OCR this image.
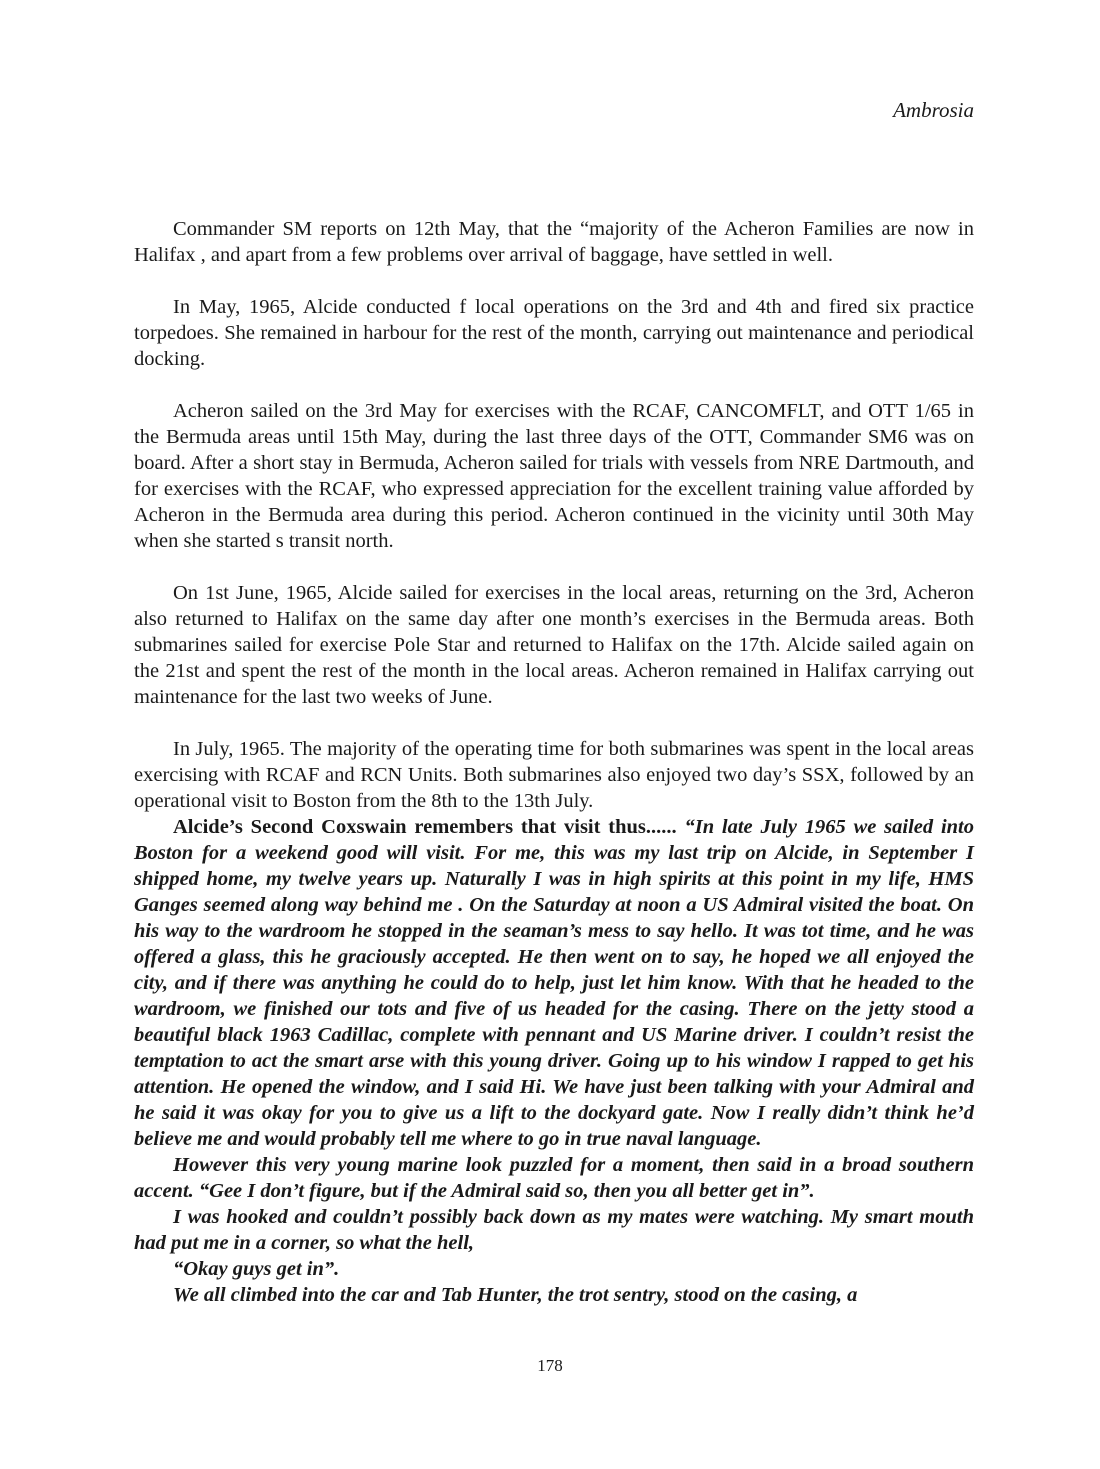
Ambrosia

Commander SM reports on 12th May, that the “majority of the Acheron Families are now in Halifax , and apart from a few problems over arrival of baggage, have settled in well.

In May, 1965, Alcide conducted f local operations on the 3rd and 4th and fired six practice torpedoes. She remained in harbour for the rest of the month, carrying out maintenance and periodical docking.

Acheron sailed on the 3rd May for exercises with the RCAF, CANCOMFLT, and OTT 1/65 in the Bermuda areas until 15th May, during the last three days of the OTT, Commander SM6 was on board. After a short stay in Bermuda, Acheron sailed for trials with vessels from NRE Dartmouth, and for exercises with the RCAF, who expressed appreciation for the excellent training value afforded by Acheron in the Bermuda area during this period. Acheron continued in the vicinity until 30th May when she started s transit north.

On 1st June, 1965, Alcide sailed for exercises in the local areas, returning on the 3rd, Acheron also returned to Halifax on the same day after one month’s exercises in the Bermuda areas. Both submarines sailed for exercise Pole Star and returned to Halifax on the 17th. Alcide sailed again on the 21st and spent the rest of the month in the local areas. Acheron remained in Halifax carrying out maintenance for the last two weeks of June.

In July, 1965. The majority of the operating time for both submarines was spent in the local areas exercising with RCAF and RCN Units. Both submarines also enjoyed two day’s SSX, followed by an operational visit to Boston from the 8th to the 13th July.

Alcide’s Second Coxswain remembers that visit thus...... “In late July 1965 we sailed into Boston for a weekend good will visit. For me, this was my last trip on Alcide, in September I shipped home, my twelve years up. Naturally I was in high spirits at this point in my life, HMS Ganges seemed along way behind me . On the Saturday at noon a US Admiral visited the boat. On his way to the wardroom he stopped in the seaman’s mess to say hello. It was tot time, and he was offered a glass, this he graciously accepted. He then went on to say, he hoped we all enjoyed the city, and if there was anything he could do to help, just let him know. With that he headed to the wardroom, we finished our tots and five of us headed for the casing. There on the jetty stood a beautiful black 1963 Cadillac, complete with pennant and US Marine driver. I couldn’t resist the temptation to act the smart arse with this young driver. Going up to his window I rapped to get his attention. He opened the window, and I said Hi. We have just been talking with your Admiral and he said it was okay for you to give us a lift to the dockyard gate. Now I really didn’t think he’d believe me and would probably tell me where to go in true naval language.

However this very young marine look puzzled for a moment, then said in a broad southern accent. “Gee I don’t figure, but if the Admiral said so, then you all better get in”.

I was hooked and couldn’t possibly back down as my mates were watching. My smart mouth had put me in a corner, so what the hell,

“Okay guys get in”.

We all climbed into the car and Tab Hunter, the trot sentry, stood on the casing, a

178
